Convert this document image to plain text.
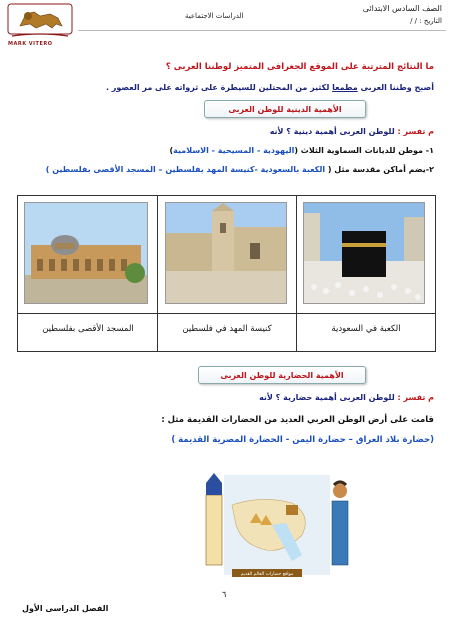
الصف السادس الابتدائى
الدراسات الاجتماعية
التاريخ : / /
MARK VITERO
ما النتائج المترتبة على الموقع الجغرافى المتميز لوطننا العربى ؟
أصبح وطننا العربى مطمعا لكثير من المحتلين للسيطرة على ثرواته على مر العصور .
الأهمية الدينية للوطن العربى
م تفسر : للوطن العربى أهمية دينية ؟ لأنه
١- موطن للديانات السماوية الثلاث (اليهودية - المسيحية - الاسلامية)
٢-يضم أماكن مقدسة مثل ( الكعبة بالسعودية -كنيسة المهد بفلسطين – المسجد الأقصى بفلسطين )
الكعبة في السعودية
كنيسة المهد في فلسطين
المسجد الأقصى بفلسطين
الأهمية الحضارية للوطن العربى
م تفسر : للوطن العربى أهمية حضارية ؟ لأنه
قامت على أرض الوطن العربي العديد من الحضارات القديمة مثل :
(حضارة بلاد العراق – حضارة اليمن - الحضارة المصرية القديمة )
مواقع حضارات العالم القديم
٦
الفصل الدراسى الأول
